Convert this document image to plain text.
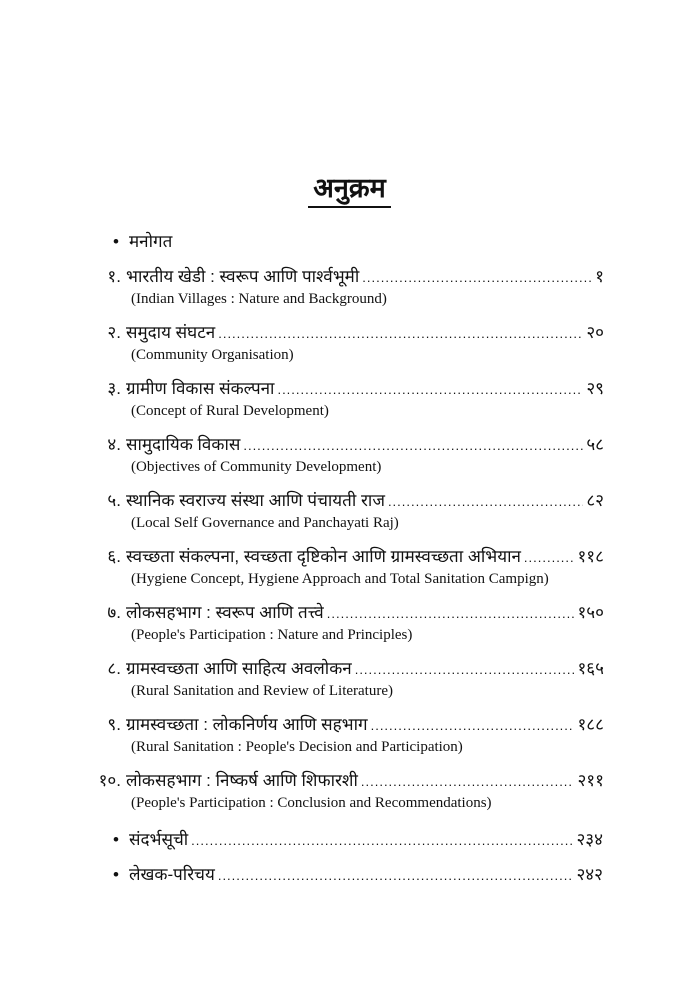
अनुक्रम
• मनोगत
१. भारतीय खेडी : स्वरूप आणि पार्श्वभूमी .....	१
(Indian Villages : Nature and Background)
२. समुदाय संघटन .....	२०
(Community Organisation)
३. ग्रामीण विकास संकल्पना .....	२९
(Concept of Rural Development)
४. सामुदायिक विकास .....	५८
(Objectives of Community Development)
५. स्थानिक स्वराज्य संस्था आणि पंचायती राज .....	८२
(Local Self Governance and Panchayati Raj)
६. स्वच्छता संकल्पना, स्वच्छता दृष्टिकोन आणि ग्रामस्वच्छता अभियान .....	११८
(Hygiene Concept, Hygiene Approach and Total Sanitation Campign)
७. लोकसहभाग : स्वरूप आणि तत्त्वे .....	१५०
(People's Participation : Nature and Principles)
८. ग्रामस्वच्छता आणि साहित्य अवलोकन .....	१६५
(Rural Sanitation and Review of Literature)
९. ग्रामस्वच्छता : लोकनिर्णय आणि सहभाग .....	१८८
(Rural Sanitation : People's Decision and Participation)
१०. लोकसहभाग : निष्कर्ष आणि शिफारशी .....	२११
(People's Participation : Conclusion and Recommendations)
• संदर्भसूची .....	२३४
• लेखक-परिचय .....	२४२
